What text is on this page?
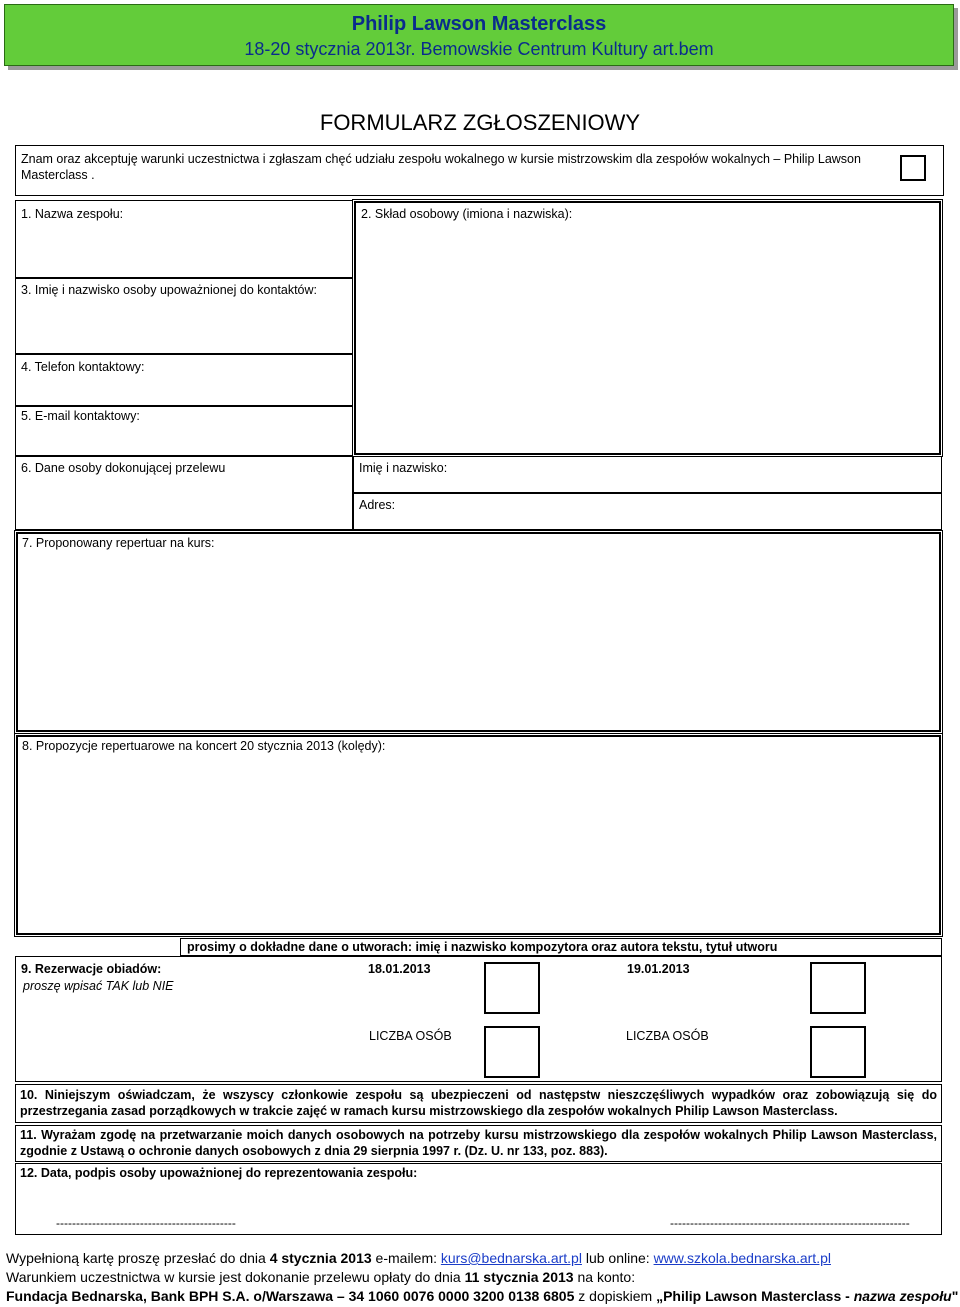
Philip Lawson Masterclass
18-20 stycznia 2013r. Bemowskie Centrum Kultury art.bem
FORMULARZ ZGŁOSZENIOWY
Znam oraz akceptuję warunki uczestnictwa i zgłaszam chęć udziału zespołu wokalnego w kursie mistrzowskim dla zespołów wokalnych – Philip Lawson Masterclass .
1. Nazwa zespołu:
3. Imię i nazwisko osoby upoważnionej do kontaktów:
4. Telefon kontaktowy:
5. E-mail kontaktowy:
2. Skład osobowy (imiona i nazwiska):
6. Dane osoby dokonującej przelewu	Imię i nazwisko:
Adres:
7. Proponowany repertuar na kurs:
8. Propozycje repertuarowe na koncert 20 stycznia 2013 (kolędy):
prosimy o dokładne dane o utworach: imię i nazwisko kompozytora oraz autora tekstu, tytuł utworu
9. Rezerwacje obiadów:
proszę wpisać TAK lub NIE
18.01.2013	19.01.2013
LICZBA OSÓB	LICZBA OSÓB
10. Niniejszym oświadczam, że wszyscy członkowie zespołu są ubezpieczeni od następstw nieszczęśliwych wypadków oraz zobowiązują się do przestrzegania zasad porządkowych w trakcie zajęć w ramach kursu mistrzowskiego dla zespołów wokalnych Philip Lawson Masterclass.
11. Wyrażam zgodę na przetwarzanie moich danych osobowych na potrzeby kursu mistrzowskiego dla zespołów wokalnych Philip Lawson Masterclass, zgodnie z Ustawą o ochronie danych osobowych z dnia 29 sierpnia 1997 r. (Dz. U. nr 133, poz. 883).
12. Data, podpis osoby upoważnionej do reprezentowania zespołu:
---------------------------------------------	------------------------------------------------------------
Wypełnioną kartę proszę przesłać do dnia 4 stycznia 2013 e-mailem: kurs@bednarska.art.pl lub online: www.szkola.bednarska.art.pl
Warunkiem uczestnictwa w kursie jest dokonanie przelewu opłaty do dnia 11 stycznia 2013 na konto:
Fundacja Bednarska, Bank BPH S.A. o/Warszawa – 34 1060 0076 0000 3200 0138 6805 z dopiskiem „Philip Lawson Masterclass - nazwa zespołu"
